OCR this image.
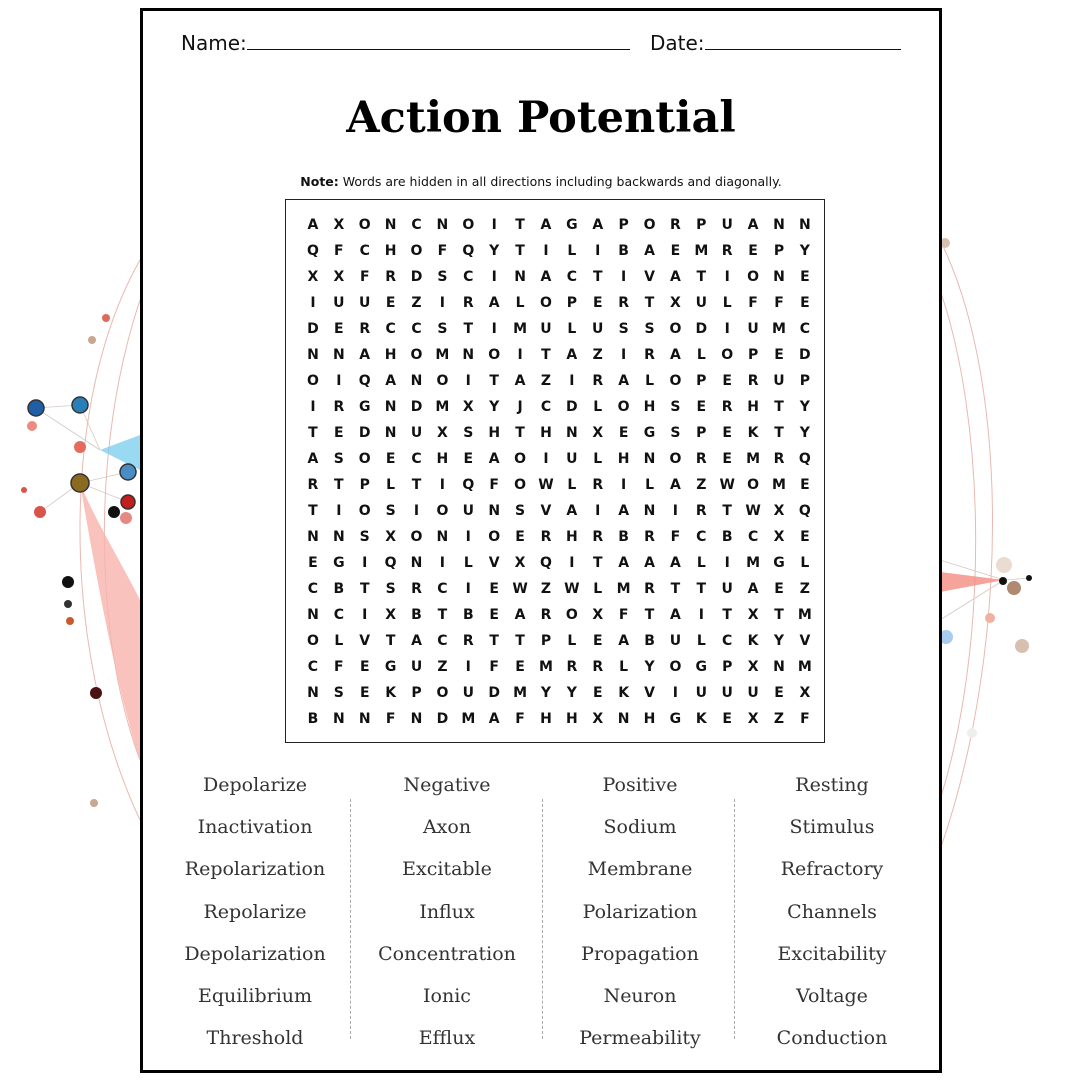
Name:	Date:
Action Potential
Note: Words are hidden in all directions including backwards and diagonally.
A	X	O	N	C	N	O	I	T	A	G	A	P	O	R	P	U	A	N	N
Q	F	C	H	O	F	Q	Y	T	I	L	I	B	A	E	M R	E	P	Y
X	X	F	R	D	S	C	I	N	A	C	T	I	V	A	T	I	O	N	E
I	U	U	E	Z	I	R	A	L	O	P	E	R	T	X	U	L	F	F	E
D	E	R	C	C	S	T	I	M U	L	U	S	S	O	D	I	U M C
N	N	A	H	O M N	O	I	T	A	Z	I	R	A	L	O	P	E	D
O	I	Q	A	N	O	I	T	A	Z	I	R	A	L	O	P	E	R	U	P
I	R	G	N	D M X	Y	J	C	D	L	O	H	S	E	R	H	T	Y
T	E	D	N	U	X	S	H	T	H	N	X	E	G	S	P	E	K	T	Y
A	S	O	E	C	H	E	A	O	I	U	L	H	N	O	R	E	M R	Q
R	T	P	L	T	I	Q	F	O W L	R	I	L	A	Z W O M	E
T	I	O	S	I	O	U	N	S	V	A	I	A	N	I	R	T W X	Q
N	N	S	X	O	N	I	O	E	R	H	R	B	R	F	C	B	C	X	E
E	G	I	Q	N	I	L	V	X	Q	I	T	A	A	A	L	I	M G	L
C	B	T	S	R	C	I	E W Z W L	M R	T	T	U	A	E	Z
N	C	I	X	B	T	B	E	A	R	O	X	F	T	A	I	T	X	T	M
O	L	V	T	A	C	R	T	T	P	L	E	A	B	U	L	C	K	Y	V
C	F	E	G	U	Z	I	F	E	M R	R	L	Y	O	G	P	X	N M
N	S	E	K	P	O	U	D M Y	Y	E	K	V	I	U	U	U	E	X
B	N	N	F	N	D M A	F	H	H	X	N	H	G	K	E	X	Z	F
Depolarize
Inactivation
Repolarization
Repolarize
Depolarization
Equilibrium
Threshold
Negative
Axon
Excitable
Influx
Concentration
Ionic
Efflux
Positive
Sodium
Membrane
Polarization
Propagation
Neuron
Permeability
Resting
Stimulus
Refractory
Channels
Excitability
Voltage
Conduction
